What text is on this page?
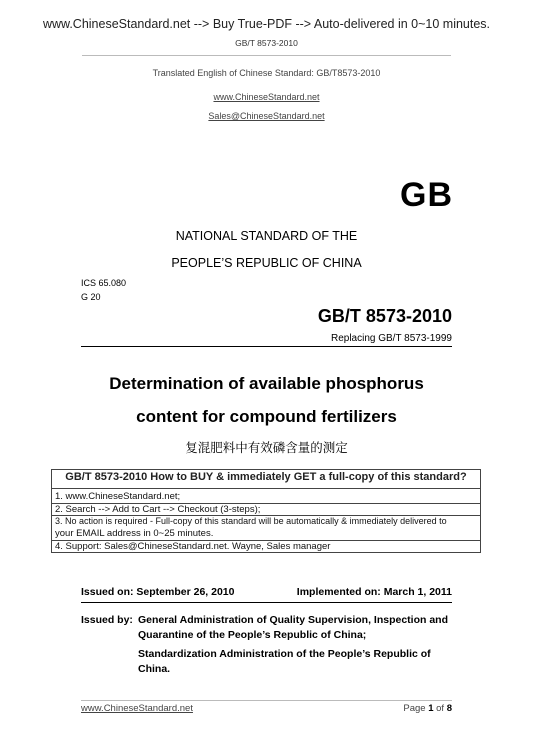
www.ChineseStandard.net --> Buy True-PDF --> Auto-delivered in 0~10 minutes.
GB/T 8573-2010
Translated English of Chinese Standard: GB/T8573-2010
www.ChineseStandard.net
Sales@ChineseStandard.net
GB
NATIONAL STANDARD OF THE
PEOPLE’S REPUBLIC OF CHINA
ICS 65.080
G 20
GB/T 8573-2010
Replacing GB/T 8573-1999
Determination of available phosphorus
content for compound fertilizers
复混肥料中有效磷含量的测定
GB/T 8573-2010 How to BUY & immediately GET a full-copy of this standard?
1. www.ChineseStandard.net;
2. Search --> Add to Cart --> Checkout (3-steps);
3. No action is required - Full-copy of this standard will be automatically & immediately delivered to
your EMAIL address in 0~25 minutes.
4. Support: Sales@ChineseStandard.net. Wayne, Sales manager
Issued on: September 26, 2010	Implemented on: March 1, 2011
Issued by: General Administration of Quality Supervision, Inspection and
Quarantine of the People’s Republic of China;
Standardization Administration of the People’s Republic of
China.
www.ChineseStandard.net	Page 1 of 8
